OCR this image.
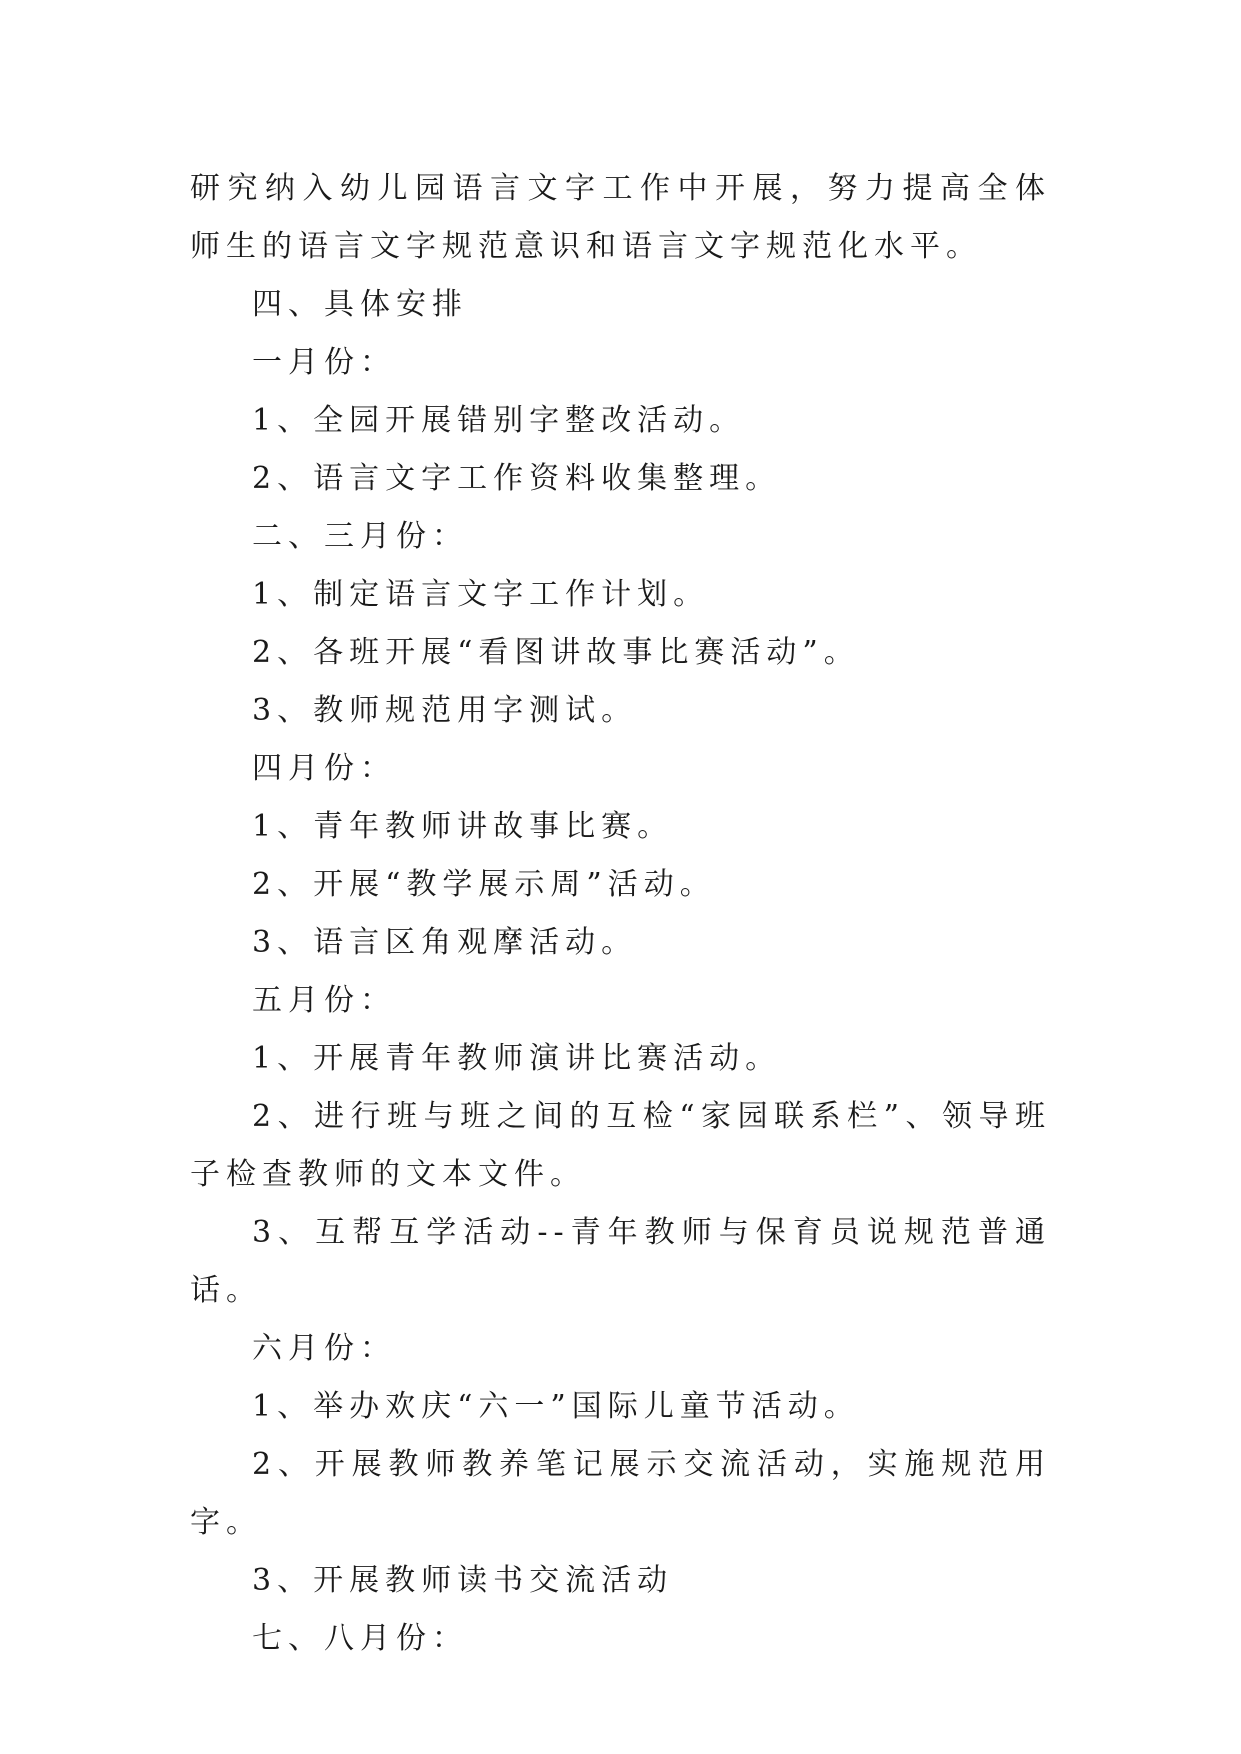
研究纳入幼儿园语言文字工作中开展，努力提高全体师生的语言文字规范意识和语言文字规范化水平。

四、具体安排

一月份：

1、全园开展错别字整改活动。

2、语言文字工作资料收集整理。

二、三月份：

1、制定语言文字工作计划。

2、各班开展“看图讲故事比赛活动”。

3、教师规范用字测试。

四月份：

1、青年教师讲故事比赛。

2、开展“教学展示周”活动。

3、语言区角观摩活动。

五月份：

1、开展青年教师演讲比赛活动。

2、进行班与班之间的互检“家园联系栏”、领导班子检查教师的文本文件。

3、互帮互学活动--青年教师与保育员说规范普通话。

六月份：

1、举办欢庆“六一”国际儿童节活动。

2、开展教师教养笔记展示交流活动，实施规范用字。

3、开展教师读书交流活动

七、八月份：
